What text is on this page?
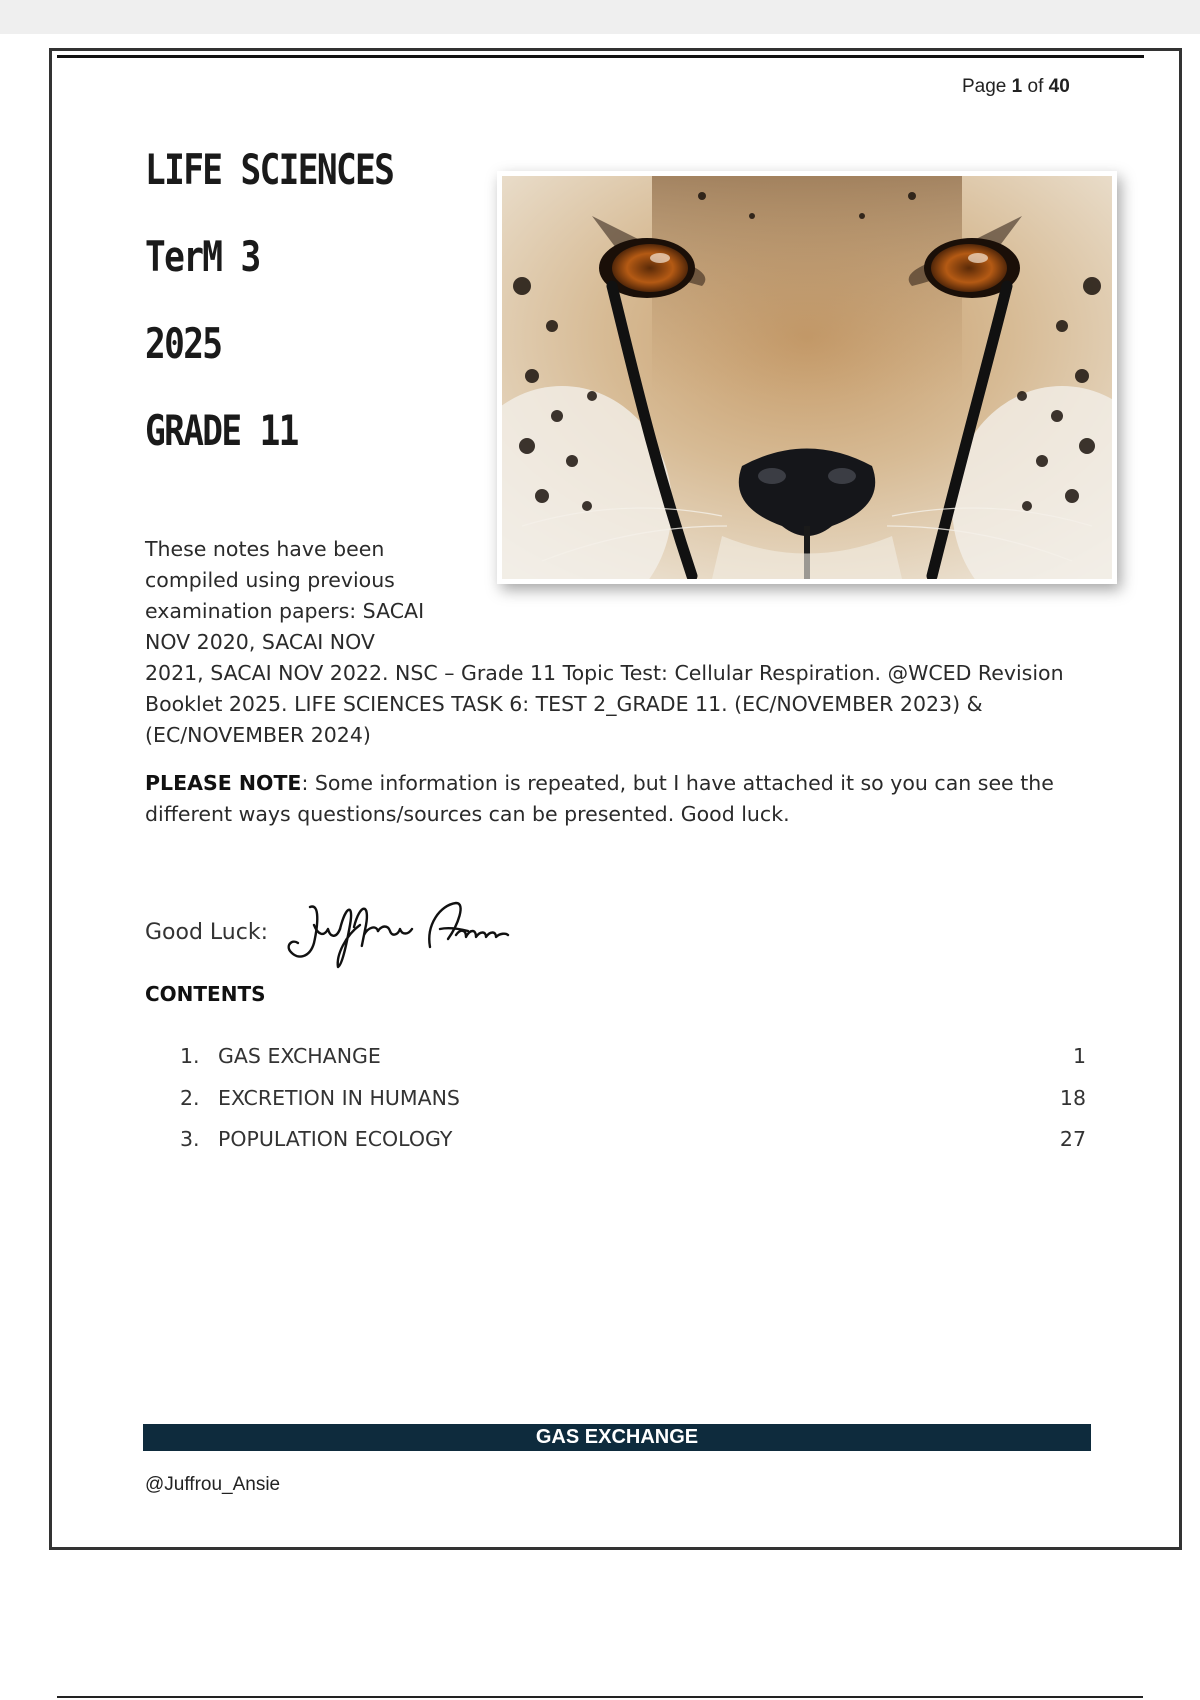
Page 1 of 40
LIFE SCIENCES
TerM 3
2025
GRADE 11
These notes have been
compiled using previous
examination papers: SACAI
NOV 2020, SACAI NOV
2021, SACAI NOV 2022. NSC – Grade 11 Topic Test: Cellular Respiration. @WCED Revision
Booklet 2025. LIFE SCIENCES TASK 6: TEST 2_GRADE 11. (EC/NOVEMBER 2023) &
(EC/NOVEMBER 2024)
PLEASE NOTE: Some information is repeated, but I have attached it so you can see the
different ways questions/sources can be presented. Good luck.
Good Luck:
CONTENTS
1. GAS EXCHANGE	1
2. EXCRETION IN HUMANS	18
3. POPULATION ECOLOGY	27
GAS EXCHANGE
@Juffrou_Ansie
